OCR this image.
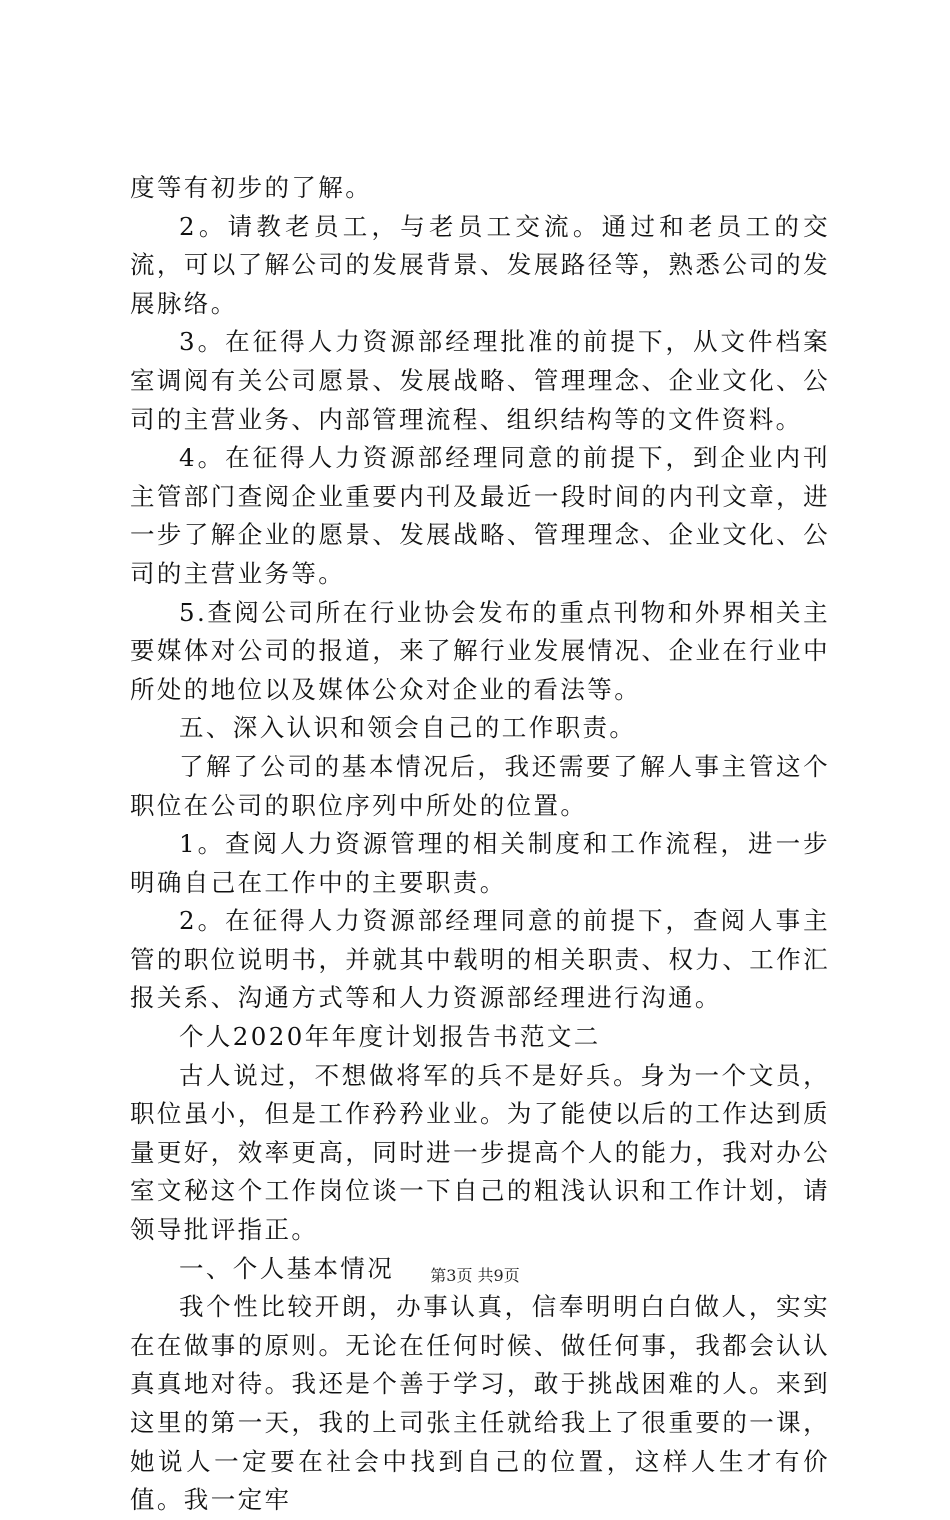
度等有初步的了解。

2。请教老员工，与老员工交流。通过和老员工的交流，可以了解公司的发展背景、发展路径等，熟悉公司的发展脉络。

3。在征得人力资源部经理批准的前提下，从文件档案室调阅有关公司愿景、发展战略、管理理念、企业文化、公司的主营业务、内部管理流程、组织结构等的文件资料。

4。在征得人力资源部经理同意的前提下，到企业内刊主管部门查阅企业重要内刊及最近一段时间的内刊文章，进一步了解企业的愿景、发展战略、管理理念、企业文化、公司的主营业务等。

5.查阅公司所在行业协会发布的重点刊物和外界相关主要媒体对公司的报道，来了解行业发展情况、企业在行业中所处的地位以及媒体公众对企业的看法等。

五、深入认识和领会自己的工作职责。

了解了公司的基本情况后，我还需要了解人事主管这个职位在公司的职位序列中所处的位置。

1。查阅人力资源管理的相关制度和工作流程，进一步明确自己在工作中的主要职责。

2。在征得人力资源部经理同意的前提下，查阅人事主管的职位说明书，并就其中载明的相关职责、权力、工作汇报关系、沟通方式等和人力资源部经理进行沟通。

个人2020年年度计划报告书范文二

古人说过，不想做将军的兵不是好兵。身为一个文员，职位虽小，但是工作矜矜业业。为了能使以后的工作达到质量更好，效率更高，同时进一步提高个人的能力，我对办公室文秘这个工作岗位谈一下自己的粗浅认识和工作计划，请领导批评指正。

一、个人基本情况

我个性比较开朗，办事认真，信奉明明白白做人，实实在在做事的原则。无论在任何时候、做任何事，我都会认认真真地对待。我还是个善于学习，敢于挑战困难的人。来到这里的第一天，我的上司张主任就给我上了很重要的一课，她说人一定要在社会中找到自己的位置，这样人生才有价值。我一定牢

第3页 共9页
